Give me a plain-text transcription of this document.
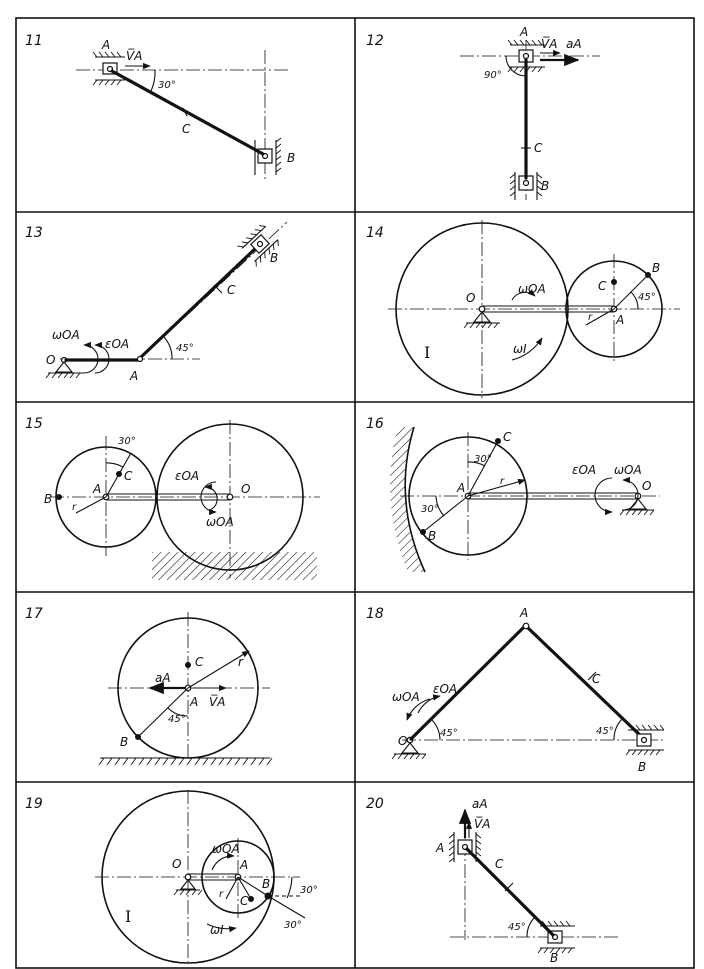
11	A
V̅A
30°
C
B
12
A
V̅A aA
90°
C
B
13
ωOA
εOA
O
A
45°
C
B
14
O
ωOA
ωI
I
C
B
45°
A
r
15
B
A
C
30°
r
εOA
ωOA
O
16
C
30°
A	r
30°
B
εOA ωOA
O
17
C	r
aA
V̅A
A
45°
B
18	A
C
εOA
ωOA
45°	45°
O
B
19
O
ωOA
A
r
B
C
30°
30°
I
ωI
20	aA
V̅A
A
C
45°
B
